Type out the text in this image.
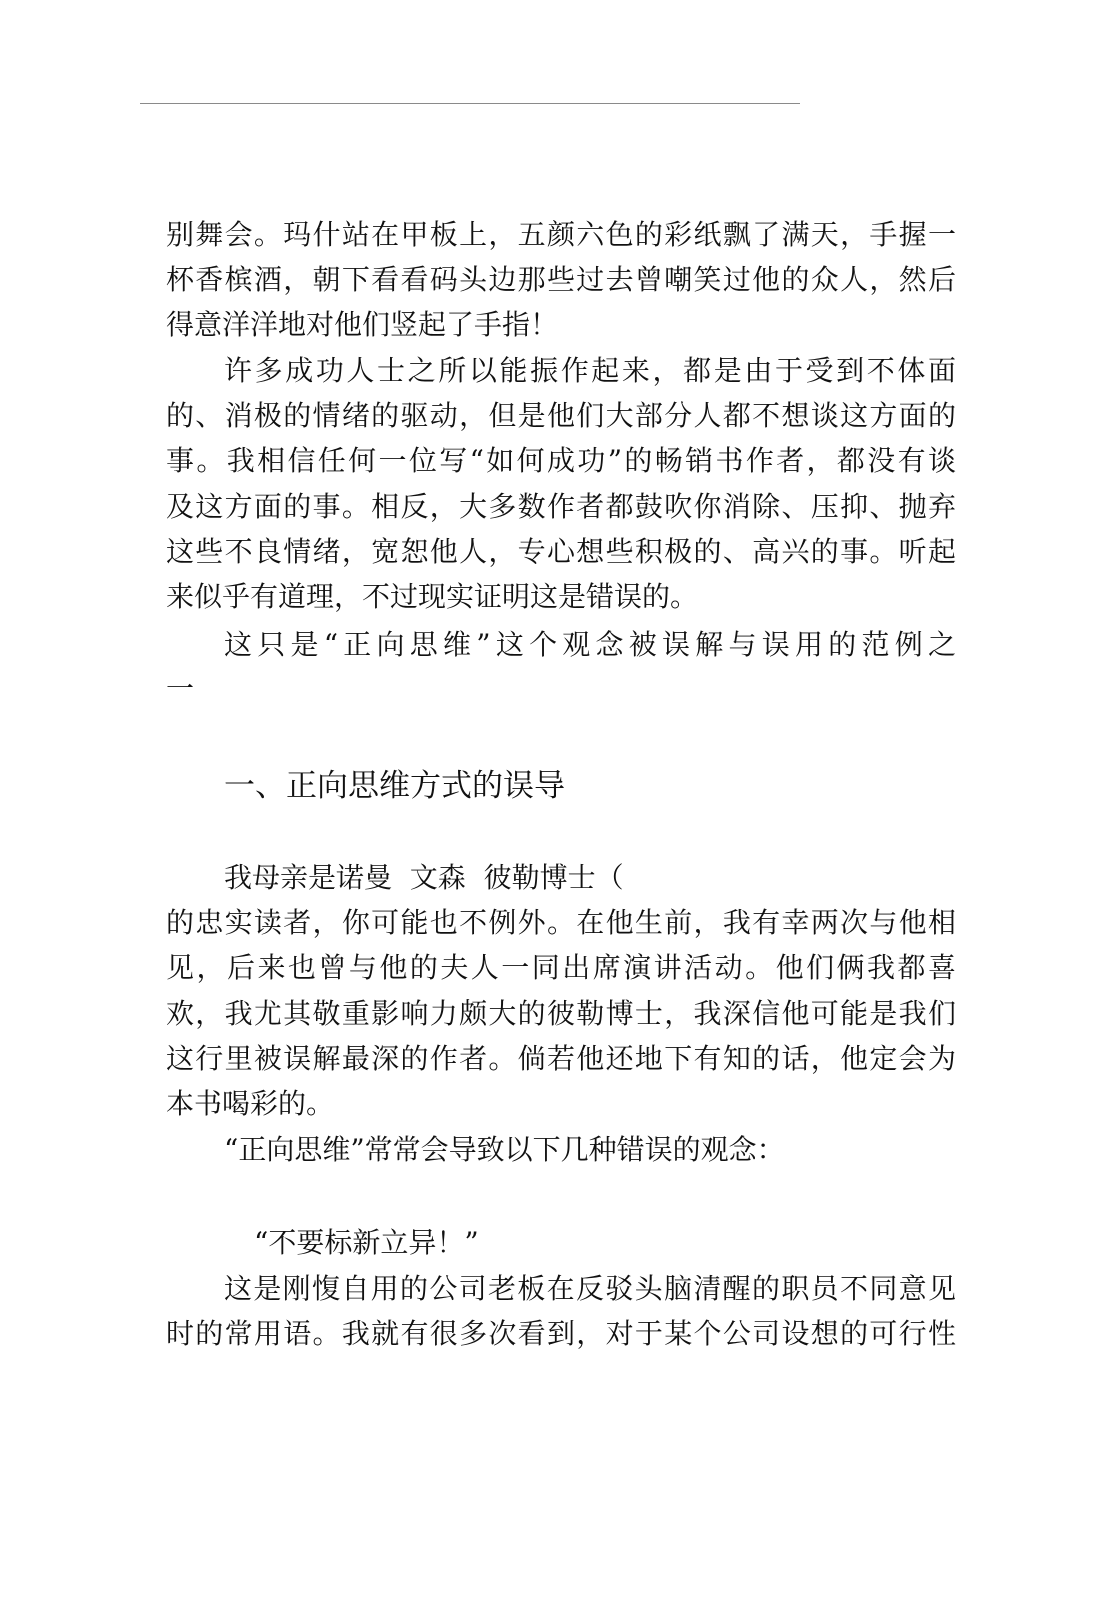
别舞会。玛什站在甲板上，五颜六色的彩纸飘了满天，手握一
杯香槟酒，朝下看看码头边那些过去曾嘲笑过他的众人，然后
得意洋洋地对他们竖起了手指！
许多成功人士之所以能振作起来，都是由于受到不体面
的、消极的情绪的驱动，但是他们大部分人都不想谈这方面的
事。我相信任何一位写“如何成功”的畅销书作者，都没有谈
及这方面的事。相反，大多数作者都鼓吹你消除、压抑、抛弃
这些不良情绪，宽恕他人，专心想些积极的、高兴的事。听起
来似乎有道理，不过现实证明这是错误的。
这只是“正向思维”这个观念被误解与误用的范例之
一
一、正向思维方式的误导
我母亲是诺曼  文森  彼勒博士（
的忠实读者，你可能也不例外。在他生前，我有幸两次与他相
见，后来也曾与他的夫人一同出席演讲活动。他们俩我都喜
欢，我尤其敬重影响力颇大的彼勒博士，我深信他可能是我们
这行里被误解最深的作者。倘若他还地下有知的话，他定会为
本书喝彩的。
“正向思维”常常会导致以下几种错误的观念：
“不要标新立异！”
这是刚愎自用的公司老板在反驳头脑清醒的职员不同意见
时的常用语。我就有很多次看到，对于某个公司设想的可行性
